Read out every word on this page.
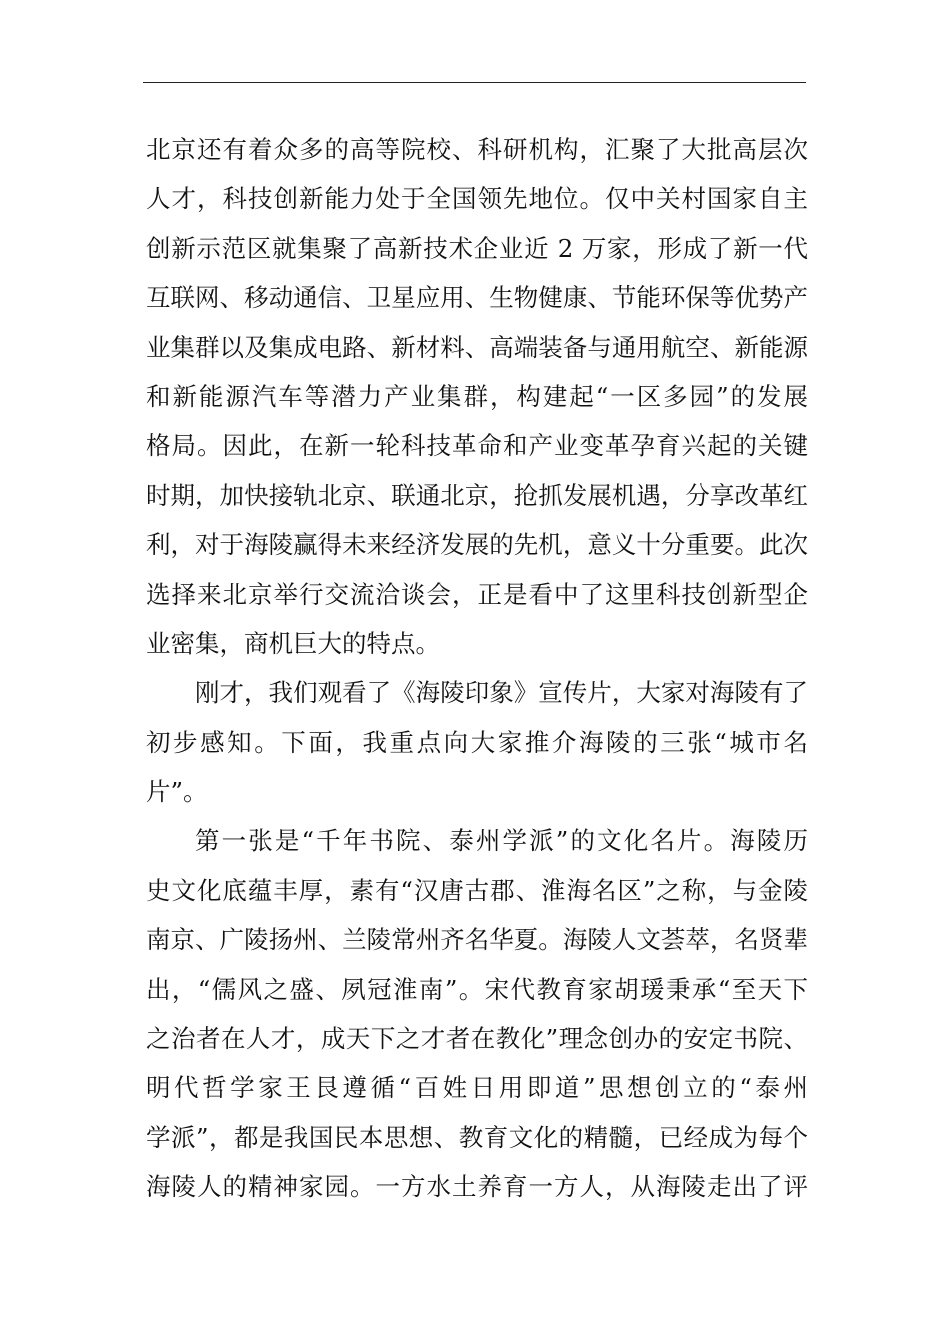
北京还有着众多的高等院校、科研机构，汇聚了大批高层次
人才，科技创新能力处于全国领先地位。仅中关村国家自主
创新示范区就集聚了高新技术企业近 2 万家，形成了新一代
互联网、移动通信、卫星应用、生物健康、节能环保等优势产
业集群以及集成电路、新材料、高端装备与通用航空、新能源
和新能源汽车等潜力产业集群，构建起“一区多园”的发展
格局。因此，在新一轮科技革命和产业变革孕育兴起的关键
时期，加快接轨北京、联通北京，抢抓发展机遇，分享改革红
利，对于海陵赢得未来经济发展的先机，意义十分重要。此次
选择来北京举行交流洽谈会，正是看中了这里科技创新型企
业密集，商机巨大的特点。
刚才，我们观看了《海陵印象》宣传片，大家对海陵有了
初步感知。下面，我重点向大家推介海陵的三张“城市名
片”。
第一张是“千年书院、泰州学派”的文化名片。海陵历
史文化底蕴丰厚，素有“汉唐古郡、淮海名区”之称，与金陵
南京、广陵扬州、兰陵常州齐名华夏。海陵人文荟萃，名贤辈
出，“儒风之盛、夙冠淮南”。宋代教育家胡瑗秉承“至天下
之治者在人才，成天下之才者在教化”理念创办的安定书院、
明代哲学家王艮遵循“百姓日用即道”思想创立的“泰州
学派”，都是我国民本思想、教育文化的精髓，已经成为每个
海陵人的精神家园。一方水土养育一方人，从海陵走出了评
